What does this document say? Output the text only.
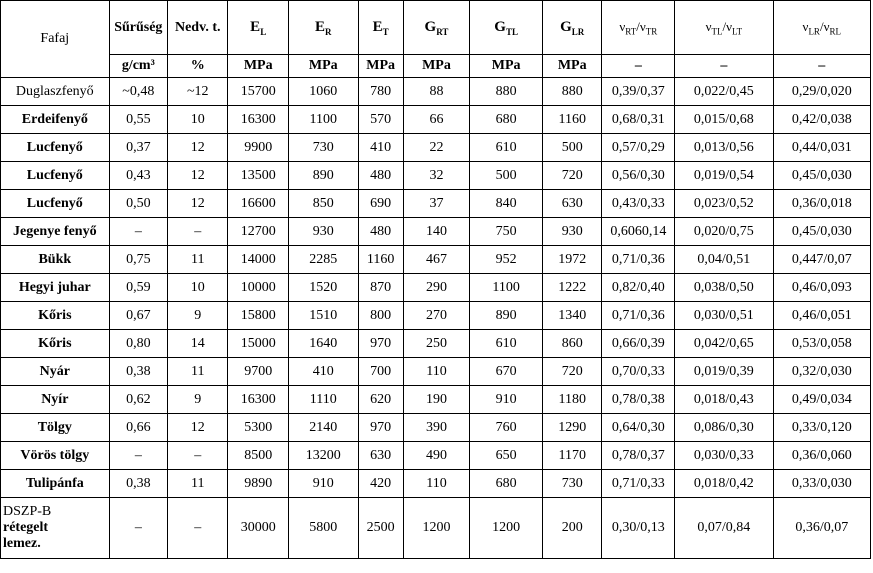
Fafaj	Sűrűség	Nedv. t.	$E_L$	$E_R$	$E_T$	$G_{RT}$	$G_{TL}$	$G_{LR}$	$\nu_{RT}/\nu_{TR}$	$\nu_{TL}/\nu_{LT}$	$\nu_{LR}/\nu_{RL}$
	g/cm³	%	MPa	MPa	MPa	MPa	MPa	MPa	–	–	–
Duglaszfenyő	~0,48	~12	15700	1060	780	88	880	880	0,39/0,37	0,022/0,45	0,29/0,020
Erdeifenyő	0,55	10	16300	1100	570	66	680	1160	0,68/0,31	0,015/0,68	0,42/0,038
Lucfenyő	0,37	12	9900	730	410	22	610	500	0,57/0,29	0,013/0,56	0,44/0,031
Lucfenyő	0,43	12	13500	890	480	32	500	720	0,56/0,30	0,019/0,54	0,45/0,030
Lucfenyő	0,50	12	16600	850	690	37	840	630	0,43/0,33	0,023/0,52	0,36/0,018
Jegenye fenyő	–	–	12700	930	480	140	750	930	0,6060,14	0,020/0,75	0,45/0,030
Bükk	0,75	11	14000	2285	1160	467	952	1972	0,71/0,36	0,04/0,51	0,447/0,07
Hegyi juhar	0,59	10	10000	1520	870	290	1100	1222	0,82/0,40	0,038/0,50	0,46/0,093
Kőris	0,67	9	15800	1510	800	270	890	1340	0,71/0,36	0,030/0,51	0,46/0,051
Kőris	0,80	14	15000	1640	970	250	610	860	0,66/0,39	0,042/0,65	0,53/0,058
Nyár	0,38	11	9700	410	700	110	670	720	0,70/0,33	0,019/0,39	0,32/0,030
Nyír	0,62	9	16300	1110	620	190	910	1180	0,78/0,38	0,018/0,43	0,49/0,034
Tölgy	0,66	12	5300	2140	970	390	760	1290	0,64/0,30	0,086/0,30	0,33/0,120
Vörös tölgy	–	–	8500	13200	630	490	650	1170	0,78/0,37	0,030/0,33	0,36/0,060
Tulipánfa	0,38	11	9890	910	420	110	680	730	0,71/0,33	0,018/0,42	0,33/0,030

DSZP-B
rétegelt
lemez.	–	–	30000	5800	2500	1200	1200	200	0,30/0,13	0,07/0,84	0,36/0,07
